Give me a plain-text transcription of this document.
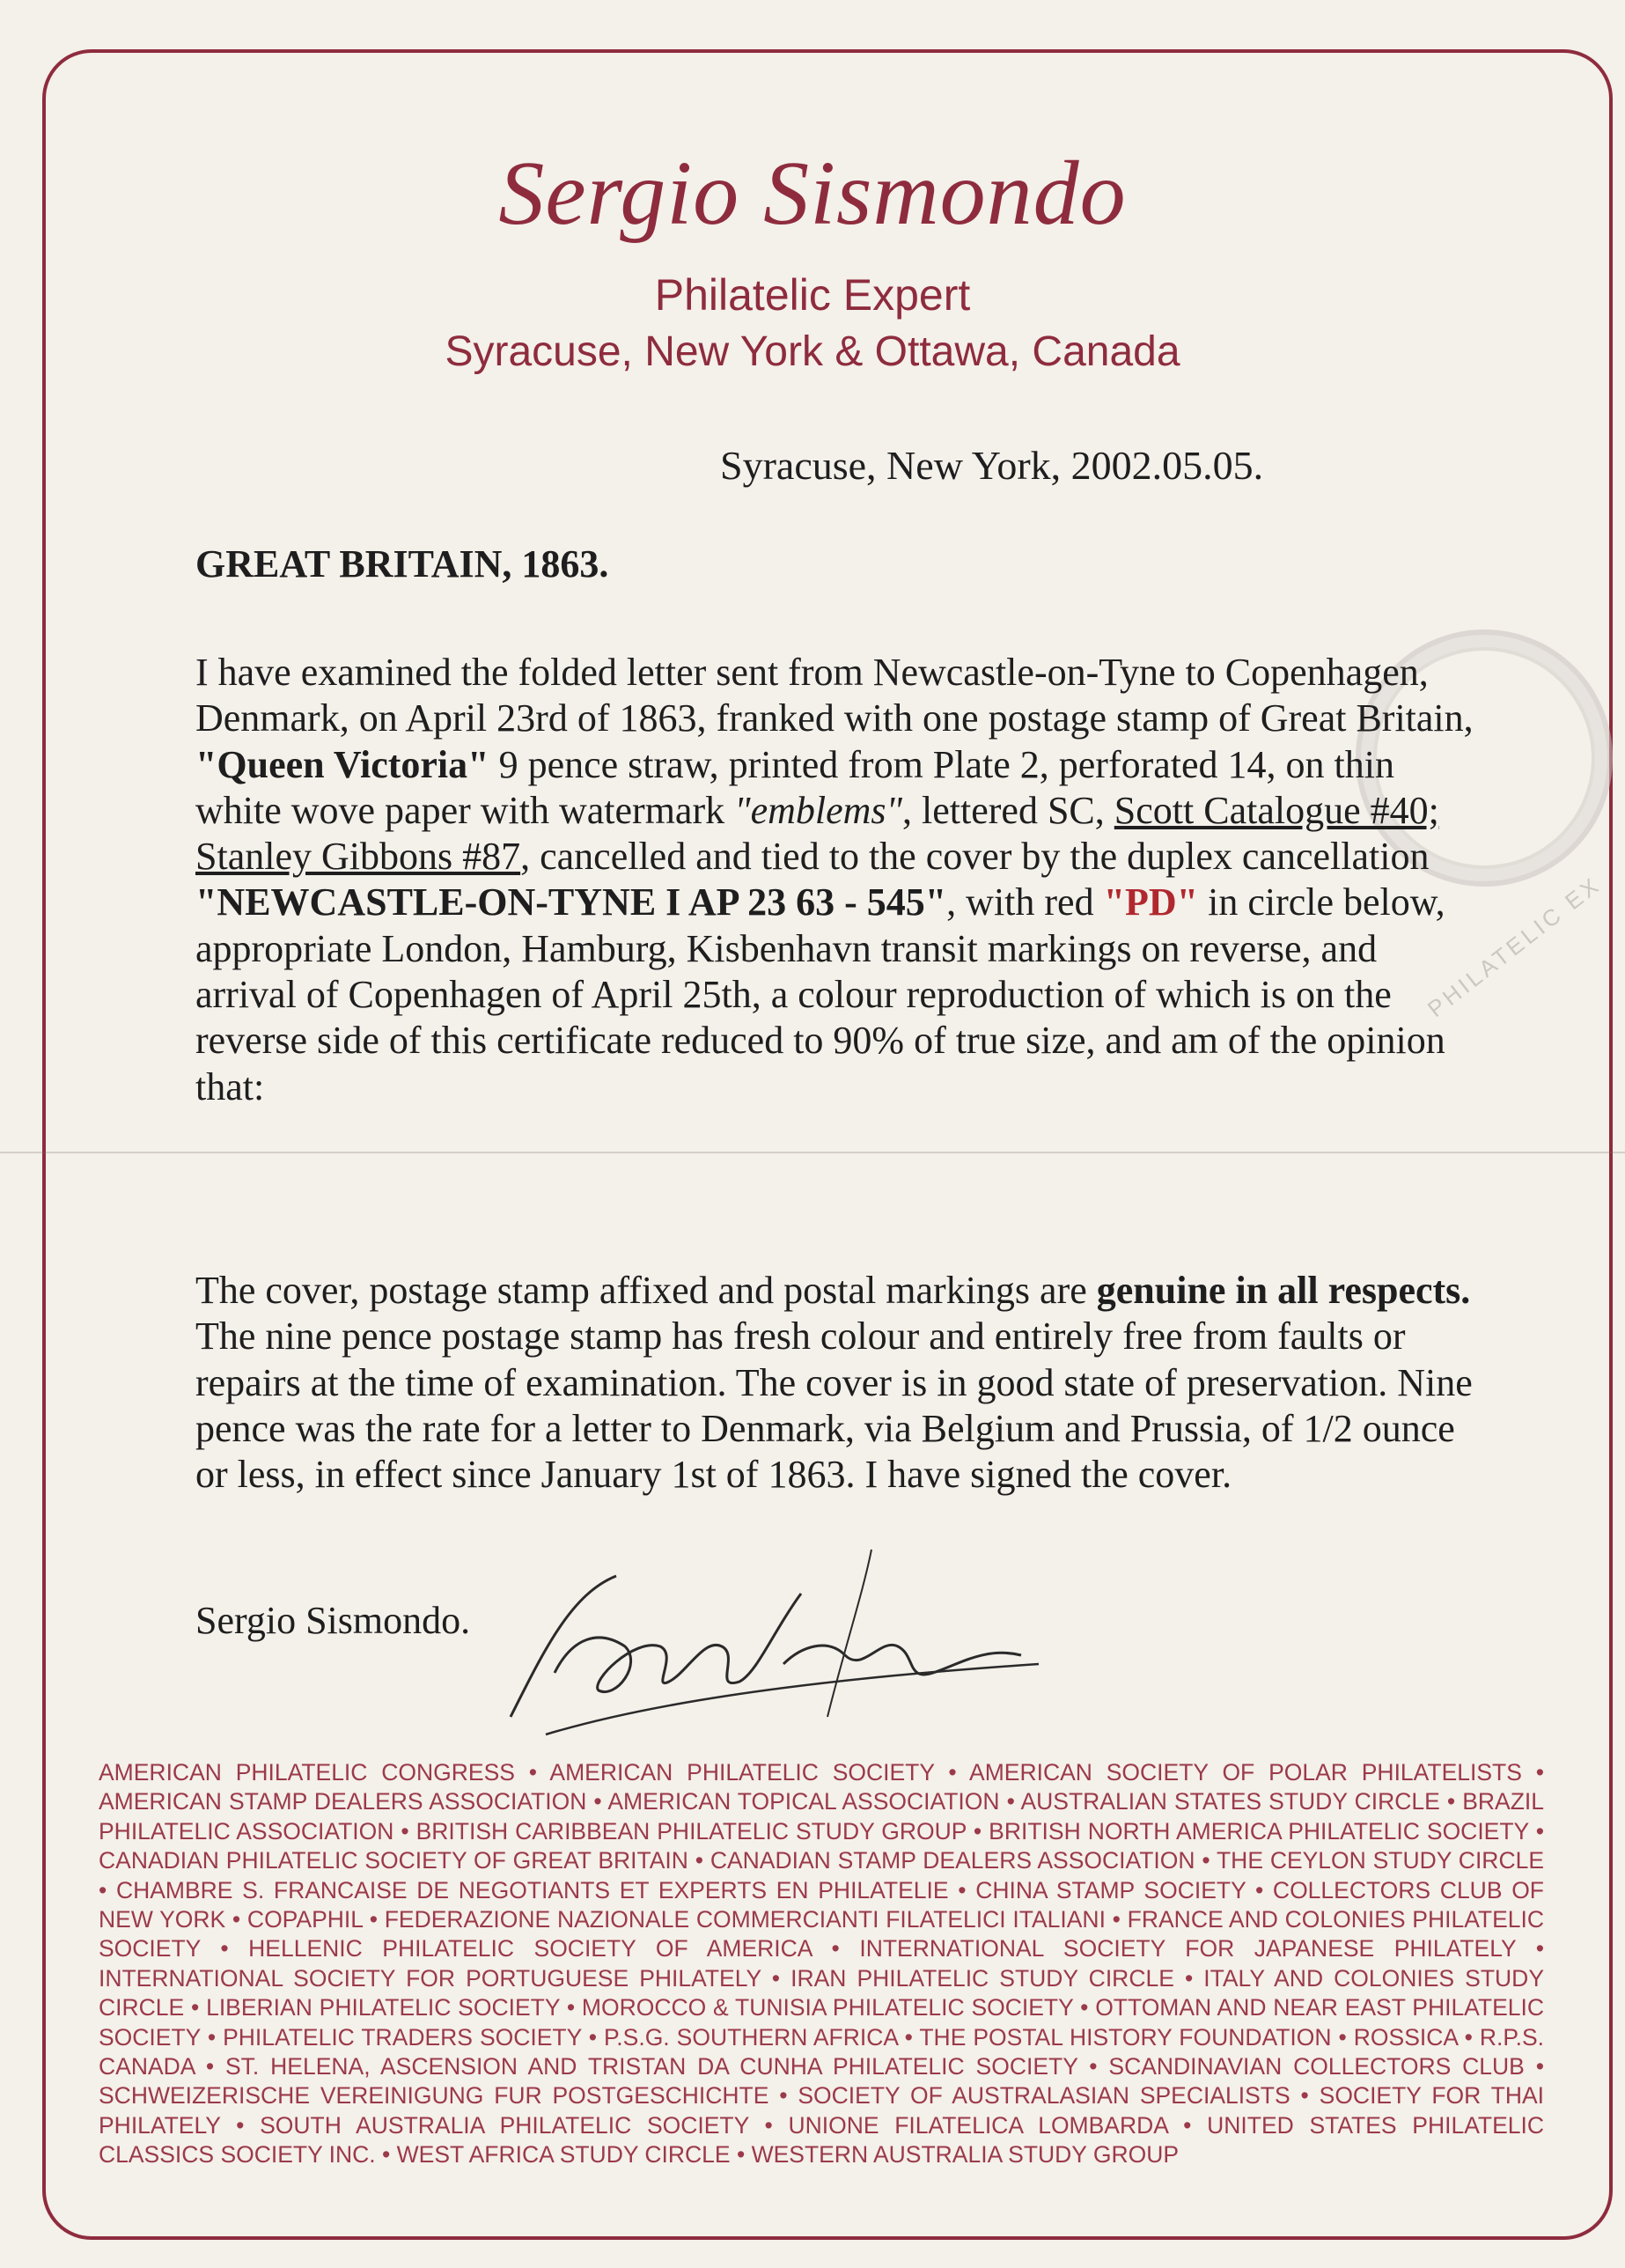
PHILATELIC EX
Sergio Sismondo
Philatelic Expert
Syracuse, New York & Ottawa, Canada
Syracuse, New York, 2002.05.05.
GREAT BRITAIN, 1863.
I have examined the folded letter sent from Newcastle-on-Tyne to Copenhagen, Denmark, on April 23rd of 1863, franked with one postage stamp of Great Britain, "Queen Victoria" 9 pence straw, printed from Plate 2, perforated 14, on thin white wove paper with watermark "emblems", lettered SC, Scott Catalogue #40; Stanley Gibbons #87, cancelled and tied to the cover by the duplex cancellation "NEWCASTLE-ON-TYNE I AP 23 63 - 545", with red "PD" in circle below, appropriate London, Hamburg, Kisbenhavn transit markings on reverse, and arrival of Copenhagen of April 25th, a colour reproduction of which is on the reverse side of this certificate reduced to 90% of true size, and am of the opinion that:
The cover, postage stamp affixed and postal markings are genuine in all respects. The nine pence postage stamp has fresh colour and entirely free from faults or repairs at the time of examination. The cover is in good state of preservation. Nine pence was the rate for a letter to Denmark, via Belgium and Prussia, of 1/2 ounce or less, in effect since January 1st of 1863. I have signed the cover.
Sergio Sismondo.
AMERICAN PHILATELIC CONGRESS • AMERICAN PHILATELIC SOCIETY • AMERICAN SOCIETY OF POLAR PHILATELISTS • AMERICAN STAMP DEALERS ASSOCIATION • AMERICAN TOPICAL ASSOCIATION • AUSTRALIAN STATES STUDY CIRCLE • BRAZIL PHILATELIC ASSOCIATION • BRITISH CARIBBEAN PHILATELIC STUDY GROUP • BRITISH NORTH AMERICA PHILATELIC SOCIETY • CANADIAN PHILATELIC SOCIETY OF GREAT BRITAIN • CANADIAN STAMP DEALERS ASSOCIATION • THE CEYLON STUDY CIRCLE • CHAMBRE S. FRANCAISE DE NEGOTIANTS ET EXPERTS EN PHILATELIE • CHINA STAMP SOCIETY • COLLECTORS CLUB OF NEW YORK • COPAPHIL • FEDERAZIONE NAZIONALE COMMERCIANTI FILATELICI ITALIANI • FRANCE AND COLONIES PHILATELIC SOCIETY • HELLENIC PHILATELIC SOCIETY OF AMERICA • INTERNATIONAL SOCIETY FOR JAPANESE PHILATELY • INTERNATIONAL SOCIETY FOR PORTUGUESE PHILATELY • IRAN PHILATELIC STUDY CIRCLE • ITALY AND COLONIES STUDY CIRCLE • LIBERIAN PHILATELIC SOCIETY • MOROCCO & TUNISIA PHILATELIC SOCIETY • OTTOMAN AND NEAR EAST PHILATELIC SOCIETY • PHILATELIC TRADERS SOCIETY • P.S.G. SOUTHERN AFRICA • THE POSTAL HISTORY FOUNDATION • ROSSICA • R.P.S. CANADA • ST. HELENA, ASCENSION AND TRISTAN DA CUNHA PHILATELIC SOCIETY • SCANDINAVIAN COLLECTORS CLUB • SCHWEIZERISCHE VEREINIGUNG FUR POSTGESCHICHTE • SOCIETY OF AUSTRALASIAN SPECIALISTS • SOCIETY FOR THAI PHILATELY • SOUTH AUSTRALIA PHILATELIC SOCIETY • UNIONE FILATELICA LOMBARDA • UNITED STATES PHILATELIC CLASSICS SOCIETY INC. • WEST AFRICA STUDY CIRCLE • WESTERN AUSTRALIA STUDY GROUP
